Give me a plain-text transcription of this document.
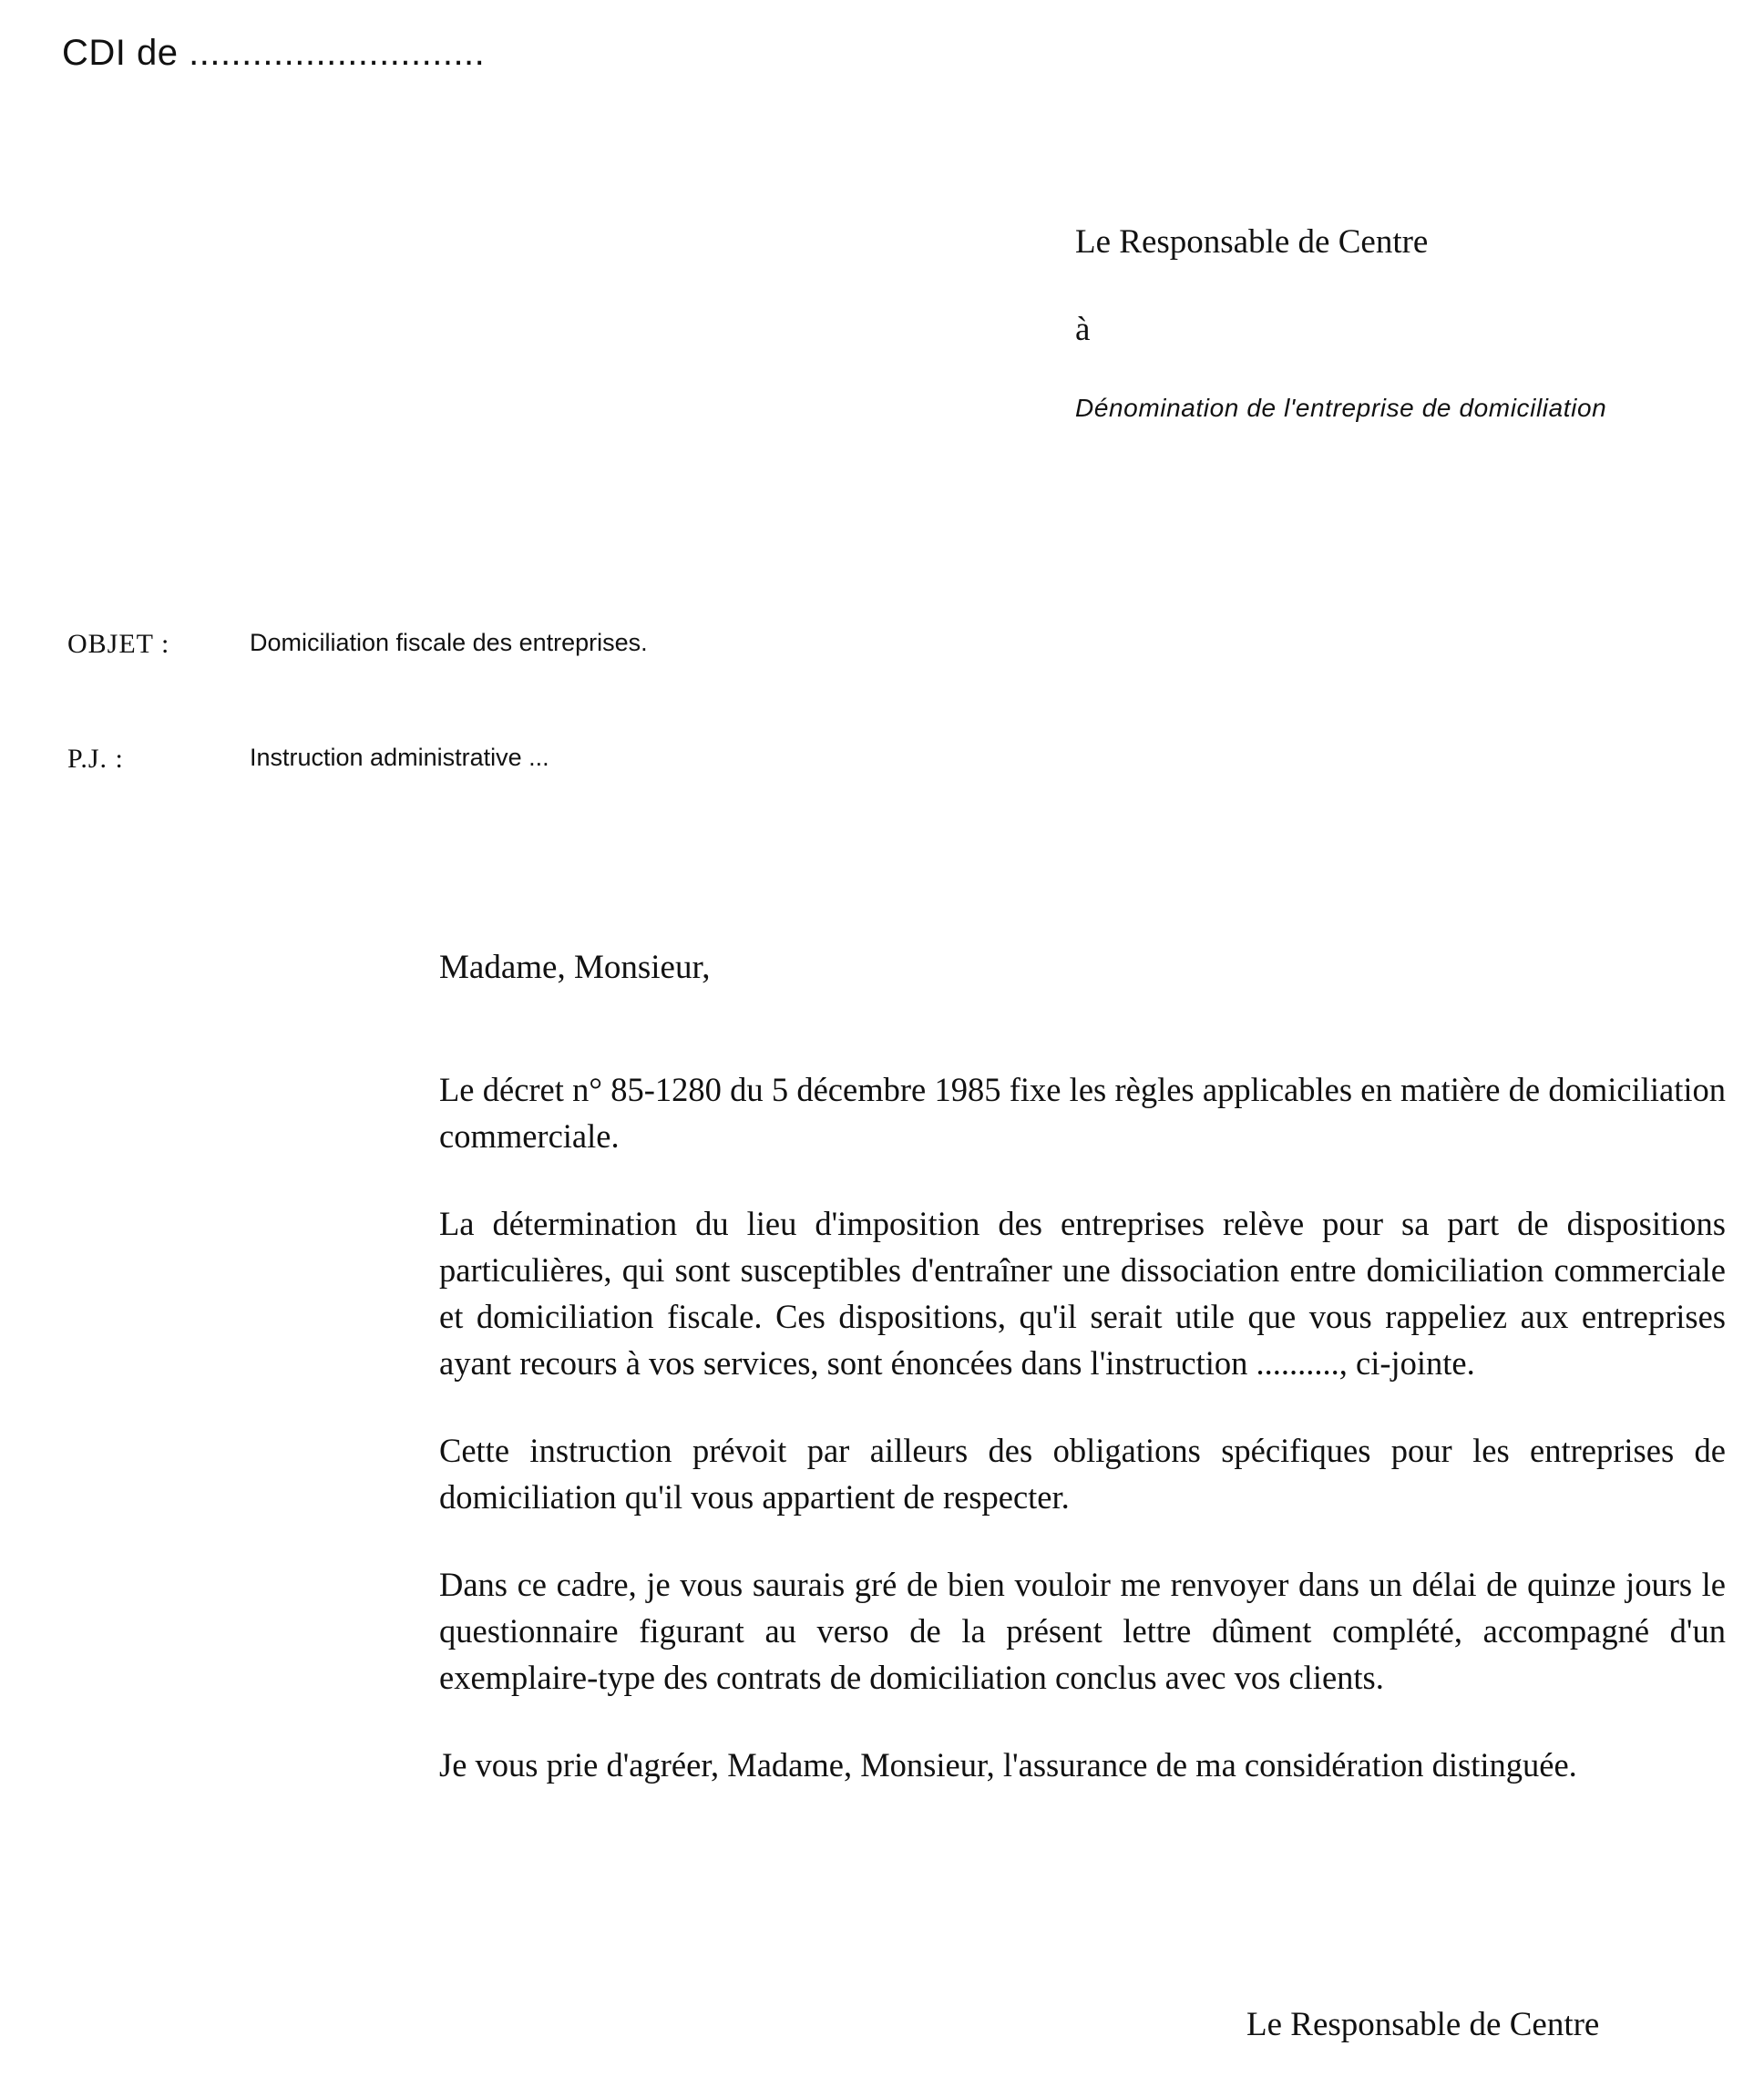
CDI de ............................
Le Responsable de Centre
à
Dénomination de l'entreprise de domiciliation
OBJET :	Domiciliation fiscale des entreprises.
P.J. :	Instruction administrative ...
Madame, Monsieur,

Le décret n° 85-1280 du 5 décembre 1985 fixe les règles applicables en matière de domiciliation commerciale.

La détermination du lieu d'imposition des entreprises relève pour sa part de dispositions particulières, qui sont susceptibles d'entraîner une dissociation entre domiciliation commerciale et domiciliation fiscale. Ces dispositions, qu'il serait utile que vous rappeliez aux entreprises ayant recours à vos services, sont énoncées dans l'instruction .........., ci-jointe.

Cette instruction prévoit par ailleurs des obligations spécifiques pour les entreprises de domiciliation qu'il vous appartient de respecter.

Dans ce cadre, je vous saurais gré de bien vouloir me renvoyer dans un délai de quinze jours le questionnaire figurant au verso de la présent lettre dûment complété, accompagné d'un exemplaire-type des contrats de domiciliation conclus avec vos clients.

Je vous prie d'agréer, Madame, Monsieur, l'assurance de ma considération distinguée.

Le Responsable de Centre
